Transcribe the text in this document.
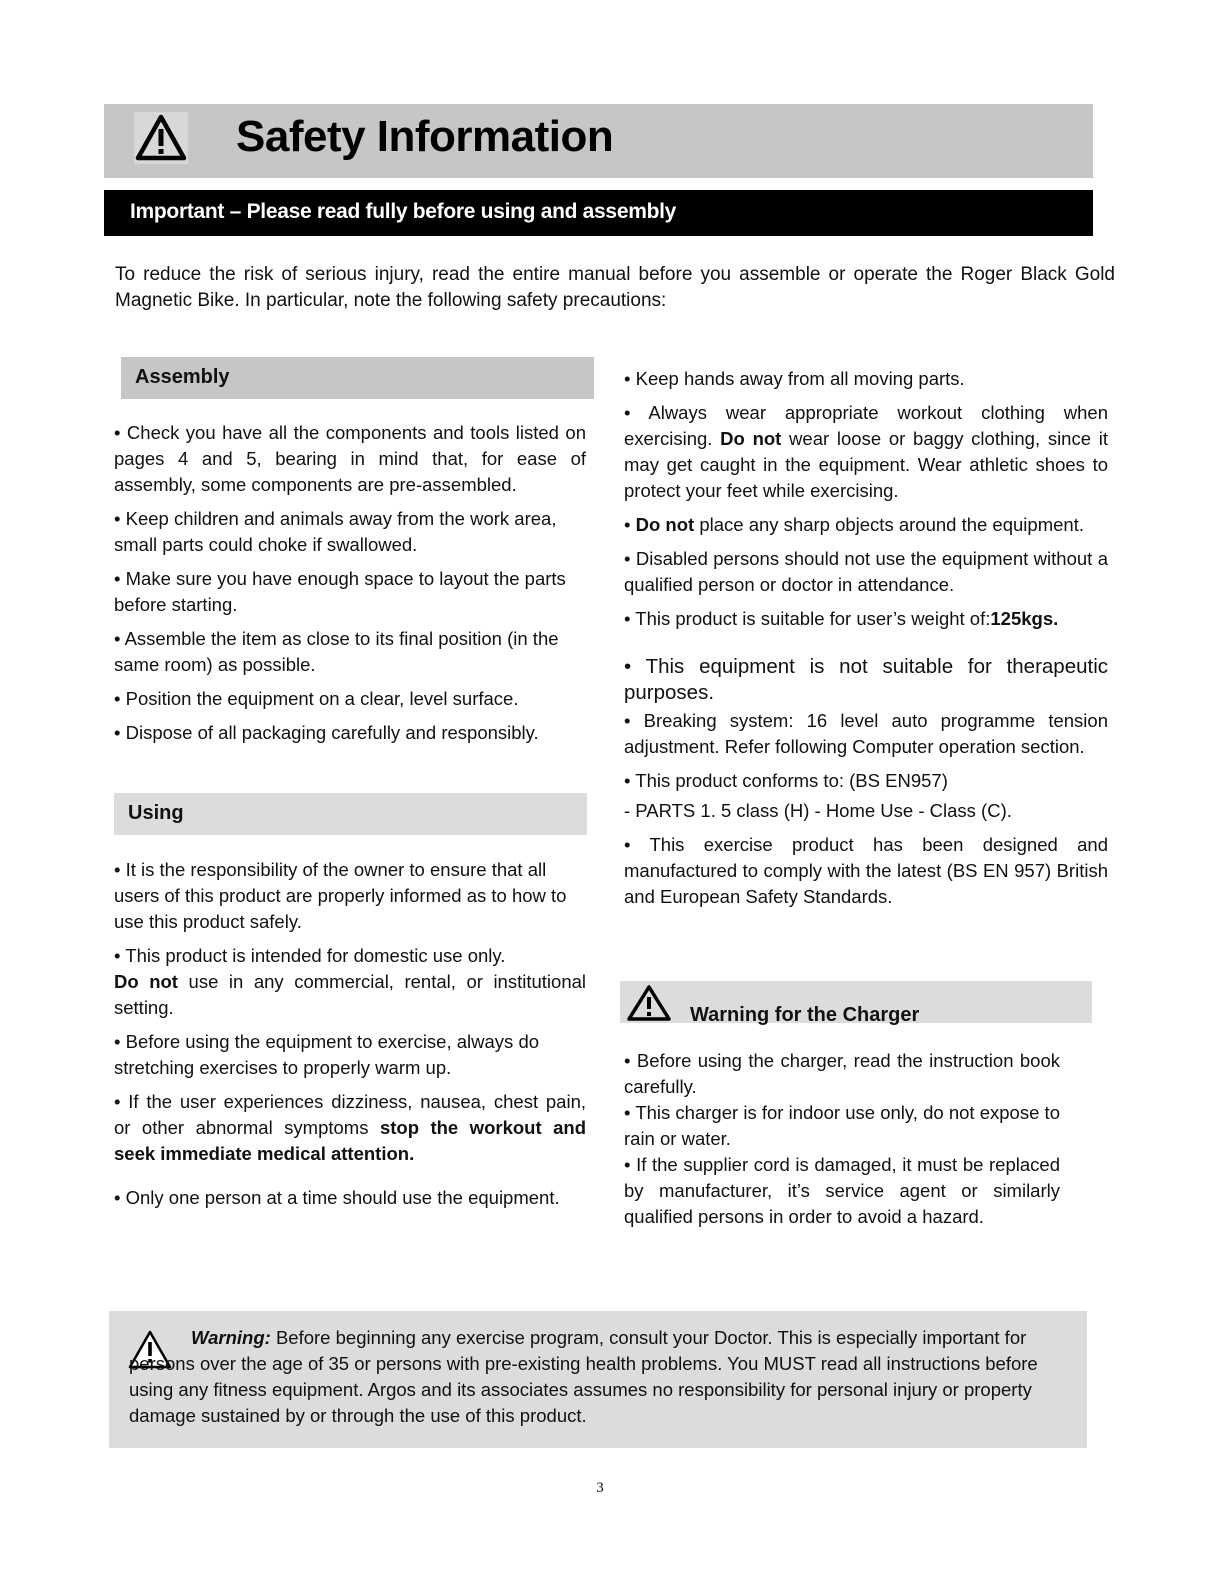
Safety Information
Important – Please read fully before using and assembly
To reduce the risk of serious injury, read the entire manual before you assemble or operate the Roger Black Gold Magnetic Bike. In particular, note the following safety precautions:
Assembly

• Check you have all the components and tools listed on pages 4 and 5, bearing in mind that, for ease of assembly, some components are pre-assembled.

• Keep children and animals away from the work area, small parts could choke if swallowed.

• Make sure you have enough space to layout the parts before starting.

• Assemble the item as close to its final position (in the same room) as possible.

• Position the equipment on a clear, level surface.

• Dispose of all packaging carefully and responsibly.

Using

• It is the responsibility of the owner to ensure that all users of this product are properly informed as to how to use this product safely.

• This product is intended for domestic use only.

Do not use in any commercial, rental, or institutional setting.

• Before using the equipment to exercise, always do stretching exercises to properly warm up.

• If the user experiences dizziness, nausea, chest pain, or other abnormal symptoms stop the workout and seek immediate medical attention.

• Only one person at a time should use the equipment.

• Keep hands away from all moving parts.

• Always wear appropriate workout clothing when exercising. Do not wear loose or baggy clothing, since it may get caught in the equipment. Wear athletic shoes to protect your feet while exercising.

• Do not place any sharp objects around the equipment.

• Disabled persons should not use the equipment without a qualified person or doctor in attendance.

• This product is suitable for user’s weight of:125kgs.

• This equipment is not suitable for therapeutic purposes.

• Breaking system: 16 level auto programme tension adjustment. Refer following Computer operation section.

• This product conforms to: (BS EN957)

- PARTS 1. 5 class (H) - Home Use - Class (C).

• This exercise product has been designed and manufactured to comply with the latest (BS EN 957) British and European Safety Standards.

Warning for the Charger

• Before using the charger, read the instruction book carefully.

• This charger is for indoor use only, do not expose to rain or water.

• If the supplier cord is damaged, it must be replaced by manufacturer, it’s service agent or similarly qualified persons in order to avoid a hazard.

Warning: Before beginning any exercise program, consult your Doctor. This is especially important for persons over the age of 35 or persons with pre-existing health problems. You MUST read all instructions before using any fitness equipment. Argos and its associates assumes no responsibility for personal injury or property damage sustained by or through the use of this product.
3
